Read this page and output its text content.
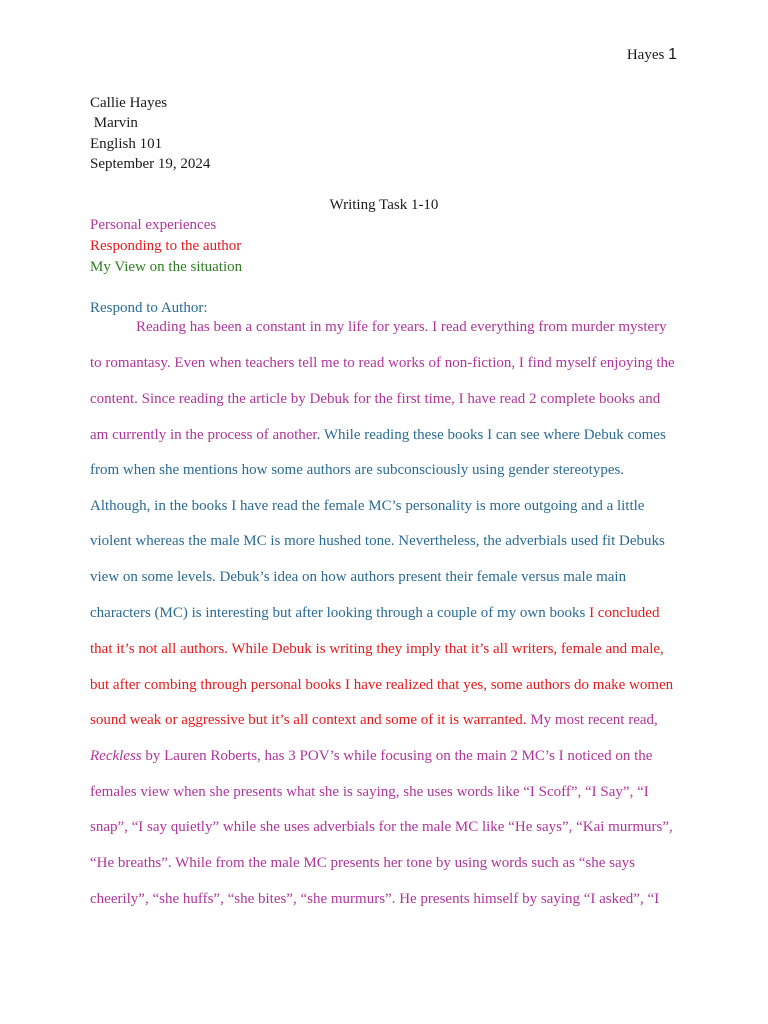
Hayes 1
Callie Hayes
Marvin
English 101
September 19, 2024
Writing Task 1-10
Personal experiences
Responding to the author
My View on the situation
Respond to Author:
Reading has been a constant in my life for years. I read everything from murder mystery
to romantasy. Even when teachers tell me to read works of non-fiction, I find myself enjoying the
content. Since reading the article by Debuk for the first time, I have read 2 complete books and
am currently in the process of another. While reading these books I can see where Debuk comes
from when she mentions how some authors are subconsciously using gender stereotypes.
Although, in the books I have read the female MC’s personality is more outgoing and a little
violent whereas the male MC is more hushed tone. Nevertheless, the adverbials used fit Debuks
view on some levels. Debuk’s idea on how authors present their female versus male main
characters (MC) is interesting but after looking through a couple of my own books I concluded
that it’s not all authors. While Debuk is writing they imply that it’s all writers, female and male,
but after combing through personal books I have realized that yes, some authors do make women
sound weak or aggressive but it’s all context and some of it is warranted. My most recent read,
Reckless by Lauren Roberts, has 3 POV’s while focusing on the main 2 MC’s I noticed on the
females view when she presents what she is saying, she uses words like “I Scoff”, “I Say”, “I
snap”, “I say quietly” while she uses adverbials for the male MC like “He says”, “Kai murmurs”,
“He breaths”. While from the male MC presents her tone by using words such as “she says
cheerily”, “she huffs”, “she bites”, “she murmurs”. He presents himself by saying “I asked”, “I
